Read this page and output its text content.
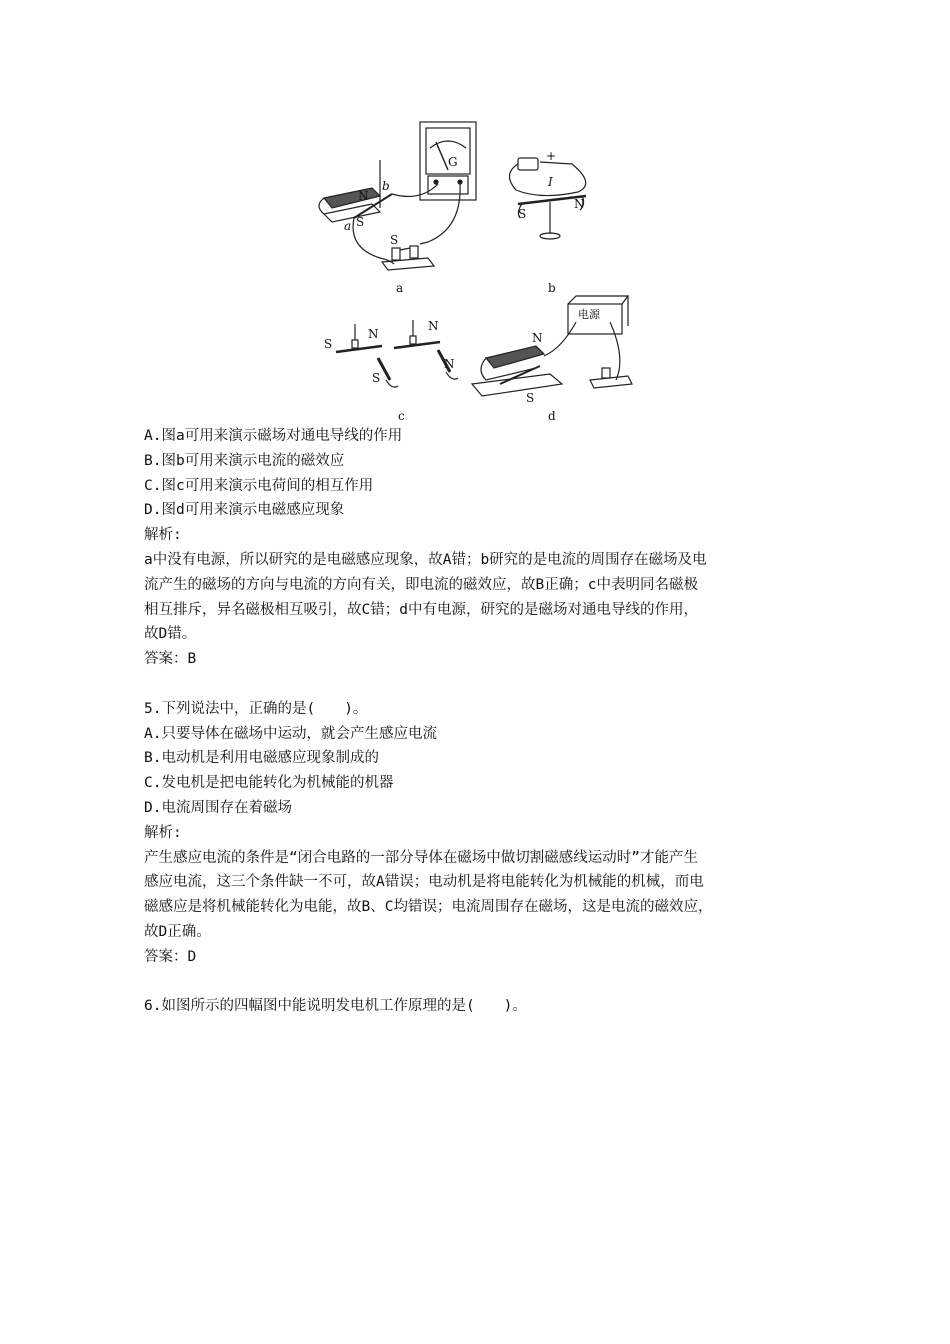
G
b
a
N
S
S
+
I
N
S
S
N
N
N
S
N
S
电源
a	b
c	d
A.图a可用来演示磁场对通电导线的作用
B.图b可用来演示电流的磁效应
C.图c可用来演示电荷间的相互作用
D.图d可用来演示电磁感应现象
解析:
a中没有电源，所以研究的是电磁感应现象，故A错；b研究的是电流的周围存在磁场及电
流产生的磁场的方向与电流的方向有关，即电流的磁效应，故B正确；c中表明同名磁极
相互排斥，异名磁极相互吸引，故C错；d中有电源，研究的是磁场对通电导线的作用，
故D错。
答案：B
5.下列说法中，正确的是(　　)。
A.只要导体在磁场中运动，就会产生感应电流
B.电动机是利用电磁感应现象制成的
C.发电机是把电能转化为机械能的机器
D.电流周围存在着磁场
解析:
产生感应电流的条件是“闭合电路的一部分导体在磁场中做切割磁感线运动时”才能产生
感应电流，这三个条件缺一不可，故A错误；电动机是将电能转化为机械能的机械，而电
磁感应是将机械能转化为电能，故B、C均错误；电流周围存在磁场，这是电流的磁效应，
故D正确。
答案：D
6.如图所示的四幅图中能说明发电机工作原理的是(　　)。
